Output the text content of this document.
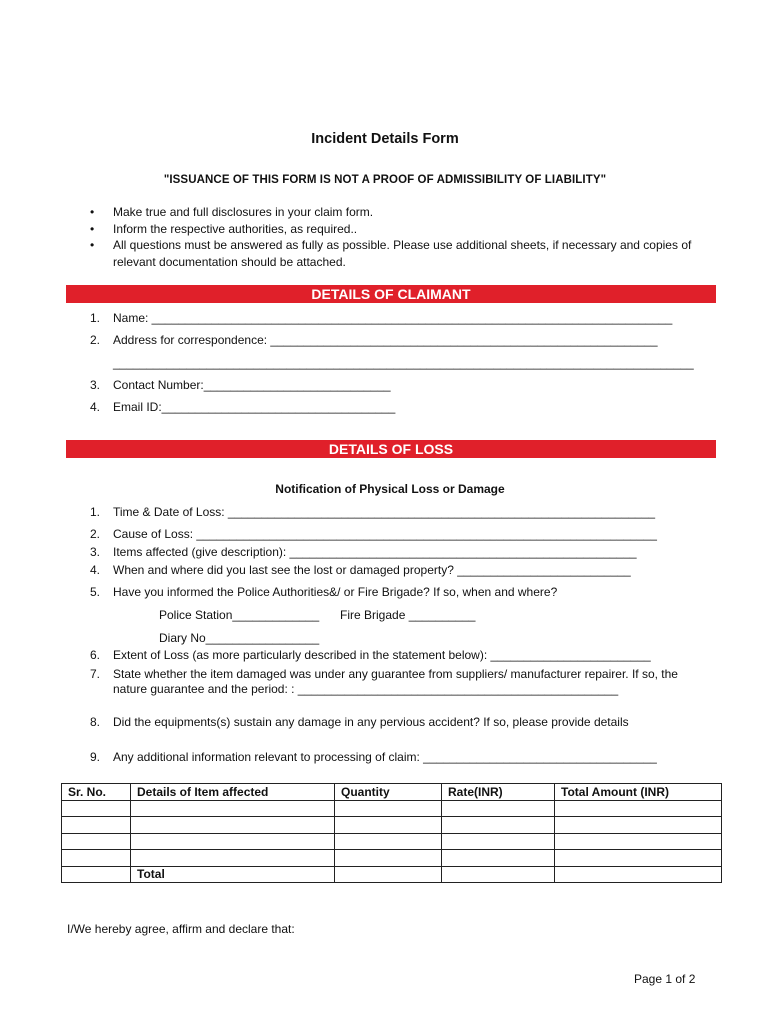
Incident Details Form
"ISSUANCE OF THIS FORM IS NOT A PROOF OF ADMISSIBILITY OF LIABILITY"
• Make true and full disclosures in your claim form.
• Inform the respective authorities, as required..
• All questions must be answered as fully as possible. Please use additional sheets, if necessary and copies of relevant documentation should be attached.
DETAILS OF CLAIMANT
1. Name: ______________________________________________________________________________
2. Address for correspondence: __________________________________________________________
_______________________________________________________________________________________
3. Contact Number:____________________________
4. Email ID:___________________________________
DETAILS OF LOSS
Notification of Physical Loss or Damage
1. Time & Date of Loss: ________________________________________________________________
2. Cause of Loss: _____________________________________________________________________
3. Items affected (give description): ____________________________________________________
4. When and where did you last see the lost or damaged property? __________________________
5. Have you informed the Police Authorities&/ or Fire Brigade? If so, when and where?
Police Station_____________ Fire Brigade __________
Diary No_________________
6. Extent of Loss (as more particularly described in the statement below): ________________________
7. State whether the item damaged was under any guarantee from suppliers/ manufacturer repairer. If so, the
nature guarantee and the period: : ________________________________________________
8. Did the equipments(s) sustain any damage in any pervious accident? If so, please provide details
9. Any additional information relevant to processing of claim: ___________________________________
Sr. No.	Details of Item affected	Quantity	Rate(INR)	Total Amount (INR)

	Total			
I/We hereby agree, affirm and declare that:
Page 1 of 2
